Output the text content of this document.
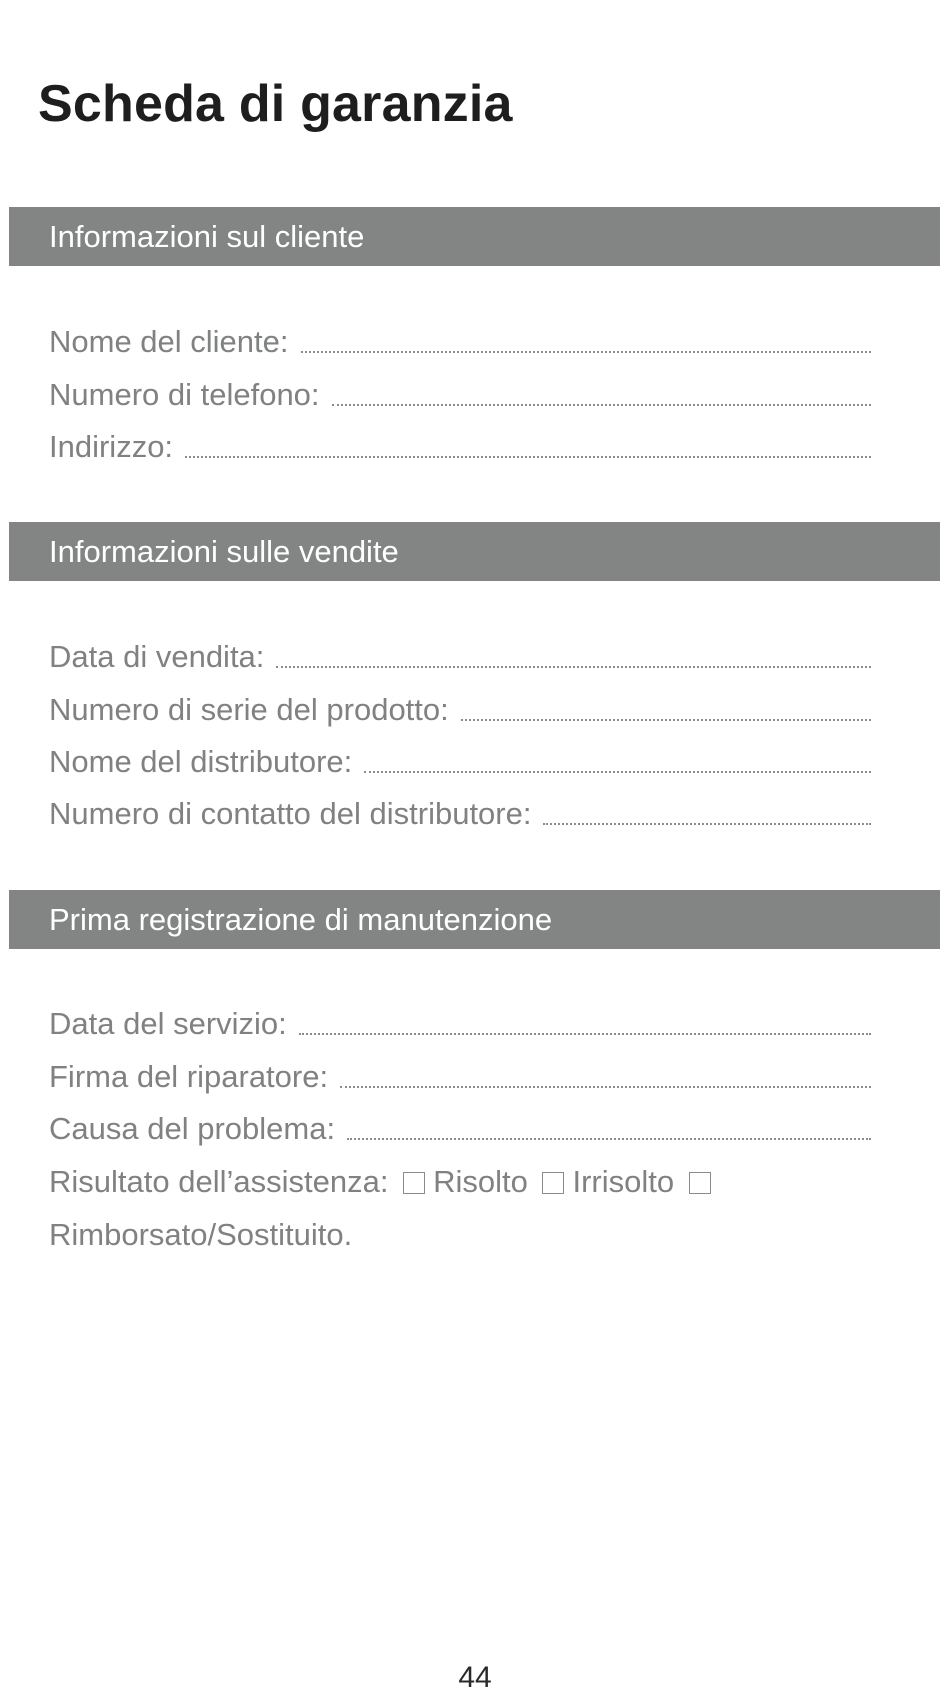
Scheda di garanzia
Informazioni sul cliente
Nome del cliente:
Numero di telefono:
Indirizzo:
Informazioni sulle vendite
Data di vendita:
Numero di serie del prodotto:
Nome del distributore:
Numero di contatto del distributore:
Prima registrazione di manutenzione
Data del servizio:
Firma del riparatore:
Causa del problema:
Risultato dell’assistenza: Risolto Irrisolto
Rimborsato/Sostituito.
44
